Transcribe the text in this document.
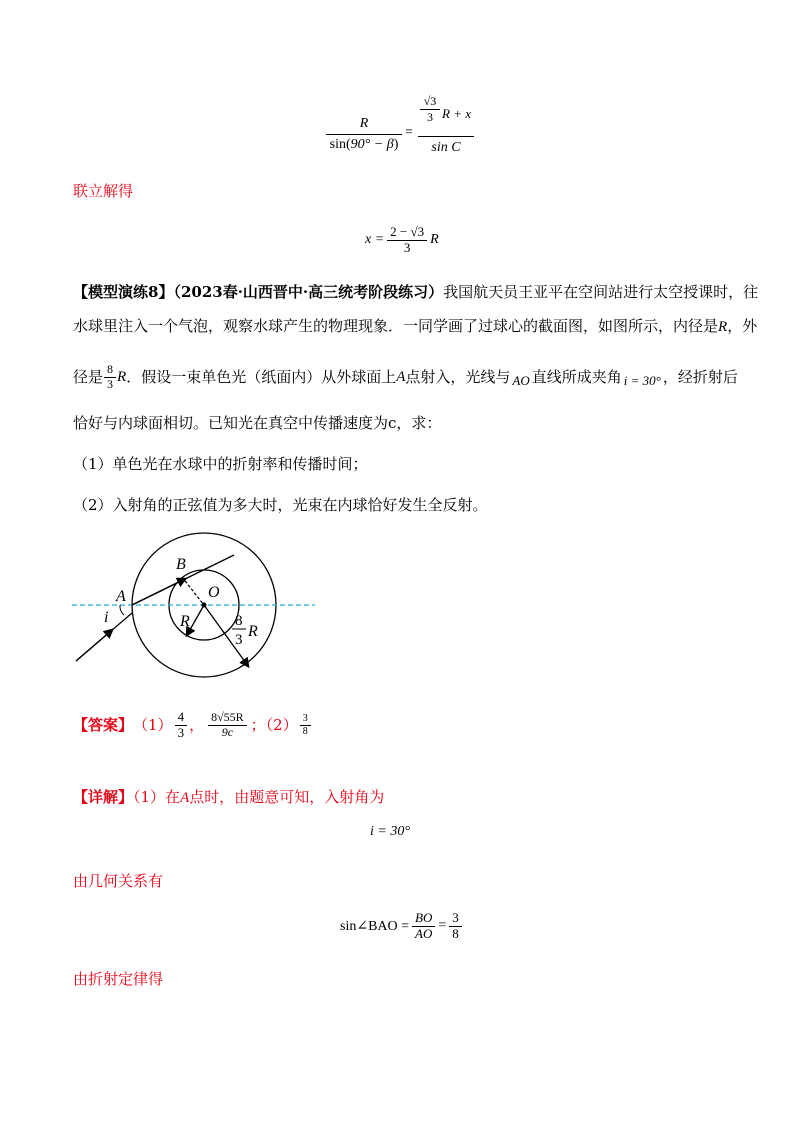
$\frac{R}{\sin(90^\circ - \beta)} = √3$
3 R + x
sin C
联立解得
$x = \frac{2 - √3}{3}$ R
【模型演练8】（2023春·山西晋中·高三统考阶段练习）我国航天员王亚平在空间站进行太空授课时，往
水球里注入一个气泡，观察水球产生的物理现象．一同学画了过球心的截面图，如图所示，内径是R，外
径是 $\frac{8}{3}$ R ．假设一束单色光（纸面内）从外球面上 A 点射入，光线与 AO 直线所成夹角 i = 30° ，经折射后
恰好与内球面相切。已知光在真空中传播速度为c，求：
（1）单色光在水球中的折射率和传播时间；
（2）入射角的正弦值为多大时，光束在内球恰好发生全反射。
A
B
O
i	R	8
3 R
【答案】 $(1) \frac{4}{3}$ ， $\frac{8√55R}{9c}$ ；$(2) \frac{3}{8}$
【详解】（1）在A点时，由题意可知，入射角为
i = 30°
由几何关系有
sin∠BAO = $\frac{BO}{AO} = \frac{3}{8}$
由折射定律得
